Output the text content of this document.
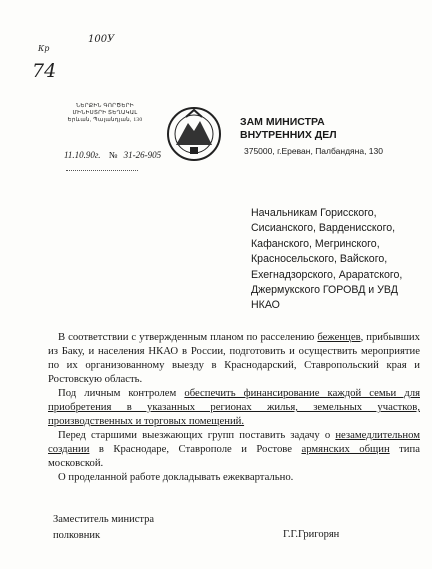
Кр
100У
74
ՆԵՐՔԻՆ ԳՈՐԾԵՐԻ
ՄԻՆԻՍՏՐԻ ՏԵՂԱԿԱԼ
Երևան, Պալանդյան, 130	ЗАМ МИНИСТРА
ВНУТРЕННИХ ДЕЛ
375000, г.Ереван, Палбандяна, 130
11.10.90г. № 31-26-905
Начальникам Горисского, Сисианского, Варденисского, Кафанского, Мегринского, Красносельского, Вайского, Ехегнадзорского, Араратского, Джермукского ГОРОВД и УВД НКАО

В соответствии с утвержденным планом по расселению беженцев, прибывших из Баку, и населения НКАО в России, подготовить и осуществить мероприятие по их организованному выезду в Краснодарский, Ставропольский края и Ростовскую область.

Под личным контролем обеспечить финансирование каждой семьи для приобретения в указанных регионах жилья, земельных участков, производственных и торговых помещений.

Перед старшими выезжающих групп поставить задачу о незамедлительном создании в Краснодаре, Ставрополе и Ростове армянских общин типа московской.

О проделанной работе докладывать ежеквартально.

Заместитель министра
полковник	Г.Г.Григорян
